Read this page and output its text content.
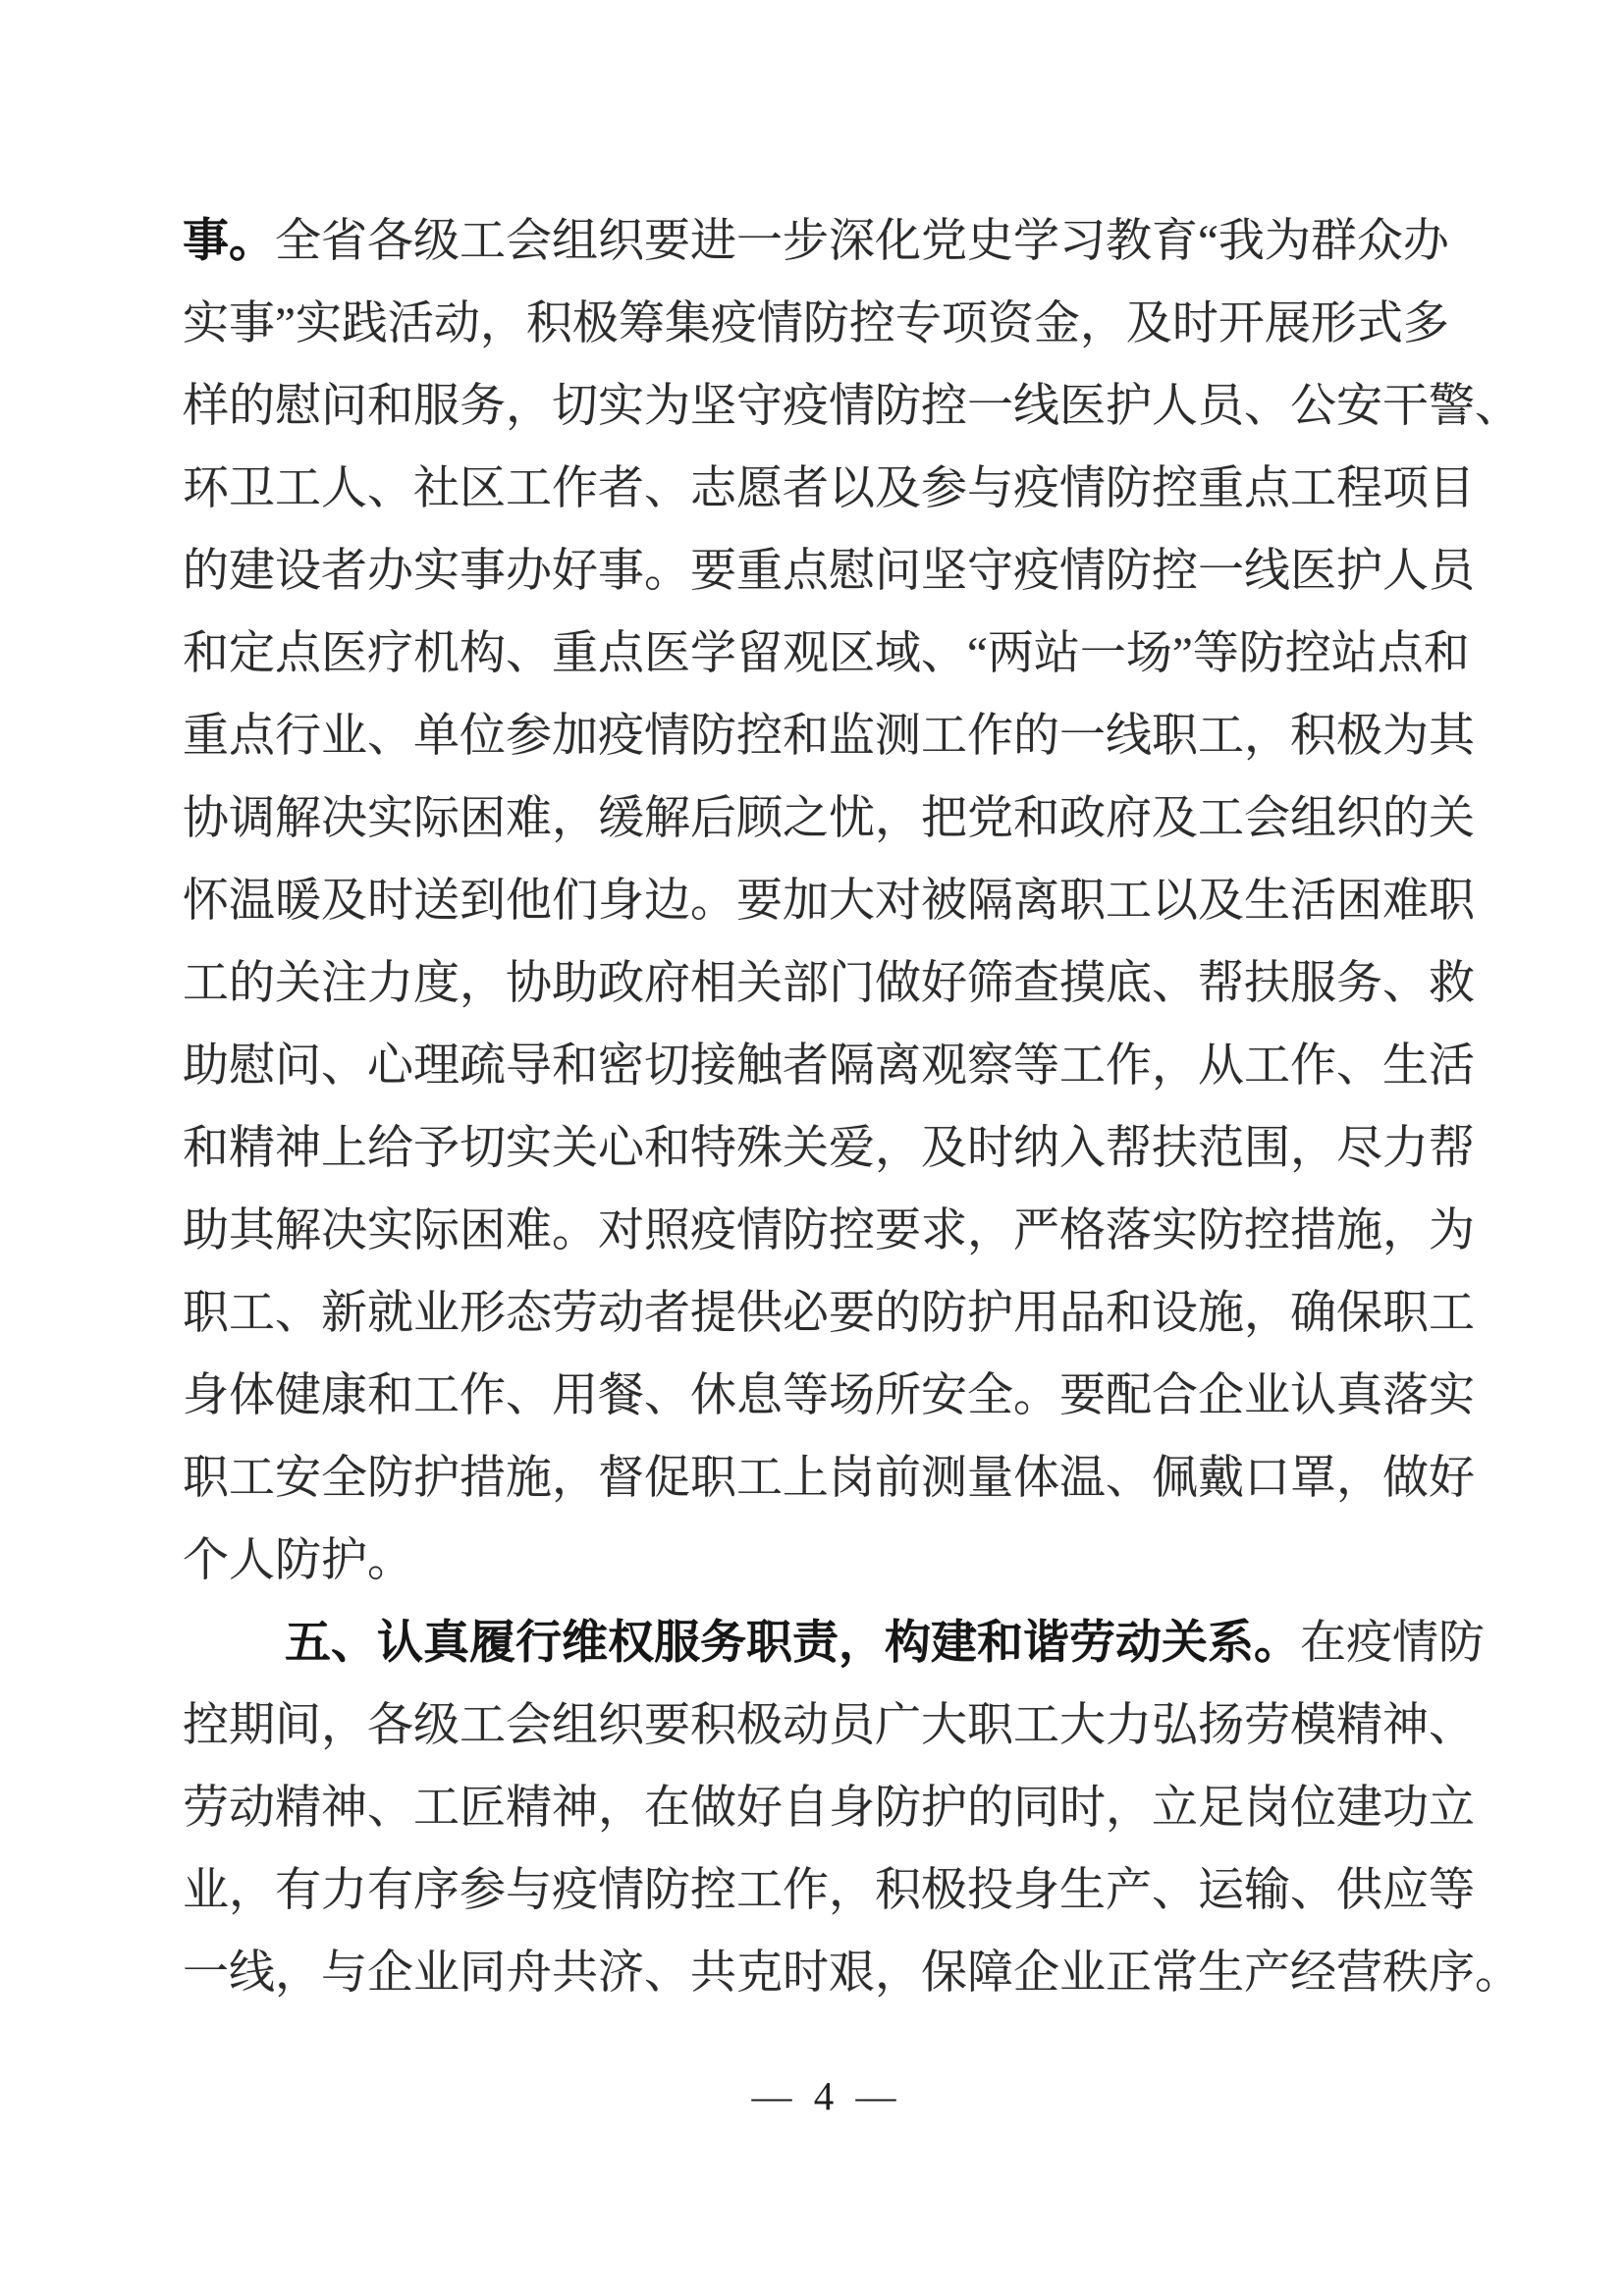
事。全省各级工会组织要进一步深化党史学习教育“我为群众办
实事”实践活动，积极筹集疫情防控专项资金，及时开展形式多
样的慰问和服务，切实为坚守疫情防控一线医护人员、公安干警、
环卫工人、社区工作者、志愿者以及参与疫情防控重点工程项目
的建设者办实事办好事。要重点慰问坚守疫情防控一线医护人员
和定点医疗机构、重点医学留观区域、“两站一场”等防控站点和
重点行业、单位参加疫情防控和监测工作的一线职工，积极为其
协调解决实际困难，缓解后顾之忧，把党和政府及工会组织的关
怀温暖及时送到他们身边。要加大对被隔离职工以及生活困难职
工的关注力度，协助政府相关部门做好筛查摸底、帮扶服务、救
助慰问、心理疏导和密切接触者隔离观察等工作，从工作、生活
和精神上给予切实关心和特殊关爱，及时纳入帮扶范围，尽力帮
助其解决实际困难。对照疫情防控要求，严格落实防控措施，为
职工、新就业形态劳动者提供必要的防护用品和设施，确保职工
身体健康和工作、用餐、休息等场所安全。要配合企业认真落实
职工安全防护措施，督促职工上岗前测量体温、佩戴口罩，做好
个人防护。
五、认真履行维权服务职责，构建和谐劳动关系。在疫情防
控期间，各级工会组织要积极动员广大职工大力弘扬劳模精神、
劳动精神、工匠精神，在做好自身防护的同时，立足岗位建功立
业，有力有序参与疫情防控工作，积极投身生产、运输、供应等
一线，与企业同舟共济、共克时艰，保障企业正常生产经营秩序。
— 4 —
